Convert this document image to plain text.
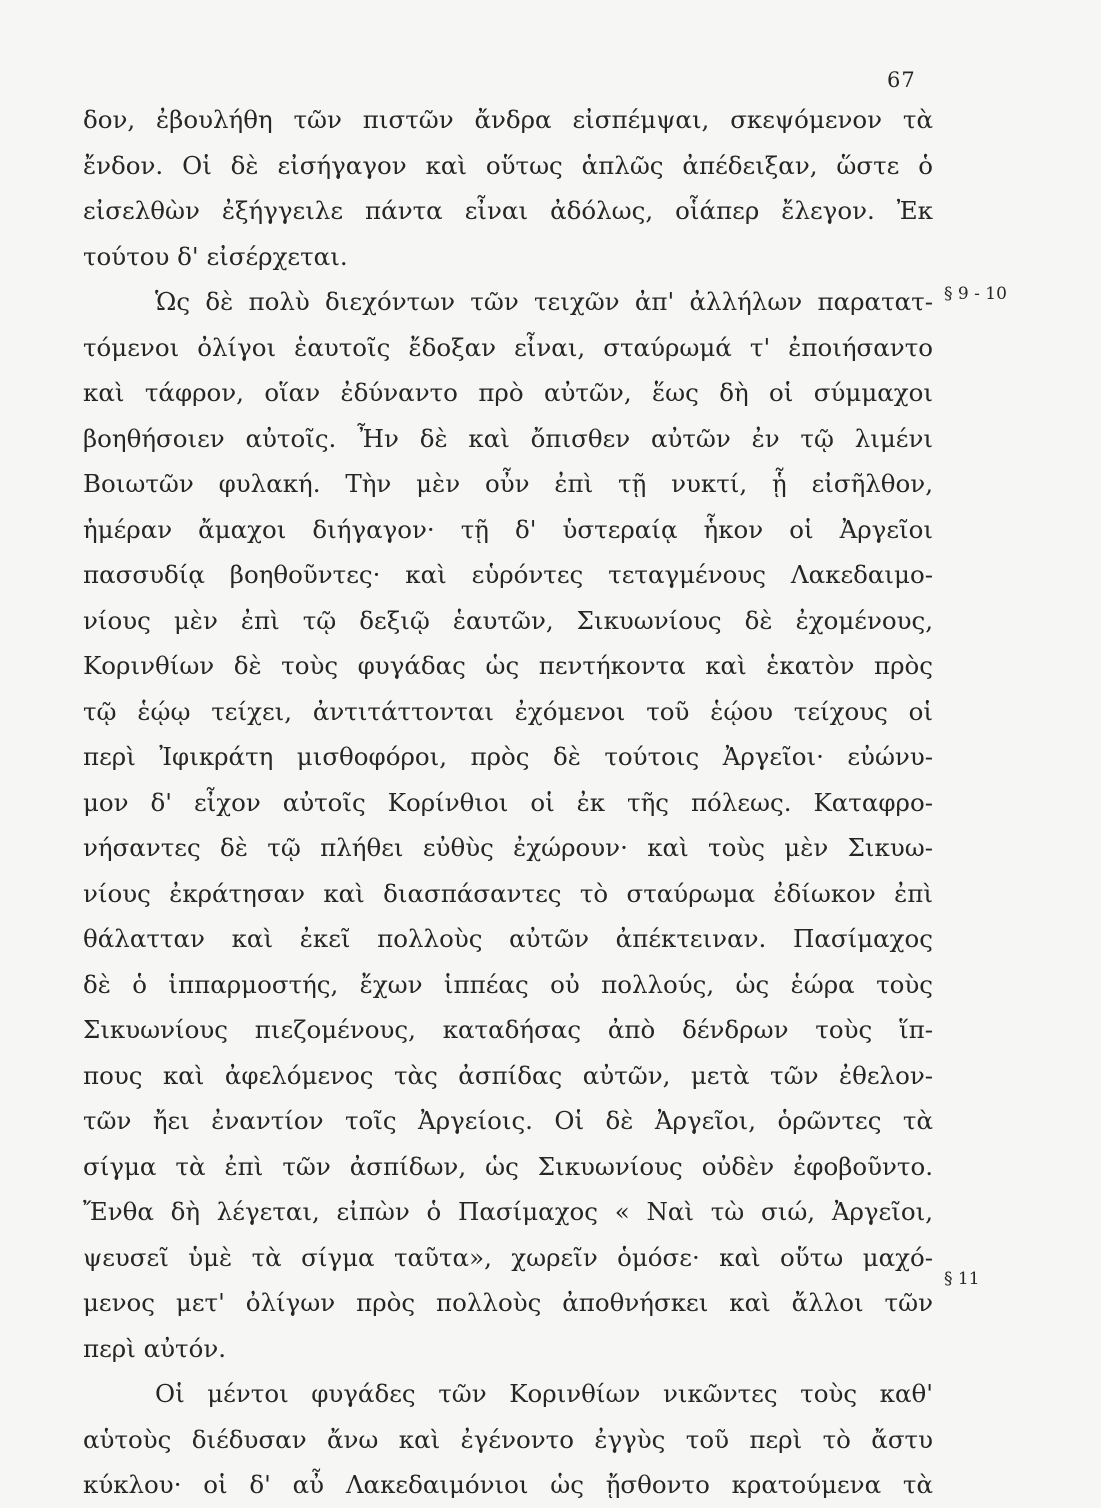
67
δον, ἐβουλήθη τῶν πιστῶν ἄνδρα εἰσπέμψαι, σκεψόμενον τὰ
ἔνδον. Οἱ δὲ εἰσήγαγον καὶ οὕτως ἁπλῶς ἀπέδειξαν, ὥστε ὁ
εἰσελθὼν ἐξήγγειλε πάντα εἶναι ἀδόλως, οἷάπερ ἔλεγον. Ἐκ
τούτου δ' εἰσέρχεται.
Ὡς δὲ πολὺ διεχόντων τῶν τειχῶν ἀπ' ἀλλήλων παρατατ-
τόμενοι ὀλίγοι ἑαυτοῖς ἔδοξαν εἶναι, σταύρωμά τ' ἐποιήσαντο
καὶ τάφρον, οἵαν ἐδύναντο πρὸ αὐτῶν, ἕως δὴ οἱ σύμμαχοι
βοηθήσοιεν αὐτοῖς. Ἦν δὲ καὶ ὄπισθεν αὐτῶν ἐν τῷ λιμένι
Βοιωτῶν φυλακή. Τὴν μὲν οὖν ἐπὶ τῇ νυκτί, ᾗ εἰσῆλθον,
ἡμέραν ἄμαχοι διήγαγον· τῇ δ' ὑστεραίᾳ ἧκον οἱ Ἀργεῖοι
πασσυδίᾳ βοηθοῦντες· καὶ εὑρόντες τεταγμένους Λακεδαιμο-
νίους μὲν ἐπὶ τῷ δεξιῷ ἑαυτῶν, Σικυωνίους δὲ ἐχομένους,
Κορινθίων δὲ τοὺς φυγάδας ὡς πεντήκοντα καὶ ἑκατὸν πρὸς
τῷ ἑῴῳ τείχει, ἀντιτάττονται ἐχόμενοι τοῦ ἑῴου τείχους οἱ
περὶ Ἰφικράτη μισθοφόροι, πρὸς δὲ τούτοις Ἀργεῖοι· εὐώνυ-
μον δ' εἶχον αὐτοῖς Κορίνθιοι οἱ ἐκ τῆς πόλεως. Καταφρο-
νήσαντες δὲ τῷ πλήθει εὐθὺς ἐχώρουν· καὶ τοὺς μὲν Σικυω-
νίους ἐκράτησαν καὶ διασπάσαντες τὸ σταύρωμα ἐδίωκον ἐπὶ
θάλατταν καὶ ἐκεῖ πολλοὺς αὐτῶν ἀπέκτειναν. Πασίμαχος
δὲ ὁ ἱππαρμοστής, ἔχων ἱππέας οὐ πολλούς, ὡς ἑώρα τοὺς
Σικυωνίους πιεζομένους, καταδήσας ἀπὸ δένδρων τοὺς ἵπ-
πους καὶ ἀφελόμενος τὰς ἀσπίδας αὐτῶν, μετὰ τῶν ἐθελον-
τῶν ἤει ἐναντίον τοῖς Ἀργείοις. Οἱ δὲ Ἀργεῖοι, ὁρῶντες τὰ
σίγμα τὰ ἐπὶ τῶν ἀσπίδων, ὡς Σικυωνίους οὐδὲν ἐφοβοῦντο.
Ἔνθα δὴ λέγεται, εἰπὼν ὁ Πασίμαχος « Ναὶ τὼ σιώ, Ἀργεῖοι,
ψευσεῖ ὑμὲ τὰ σίγμα ταῦτα», χωρεῖν ὁμόσε· καὶ οὕτω μαχό-
μενος μετ' ὀλίγων πρὸς πολλοὺς ἀποθνήσκει καὶ ἄλλοι τῶν
περὶ αὐτόν.
Οἱ μέντοι φυγάδες τῶν Κορινθίων νικῶντες τοὺς καθ'
αὑτοὺς διέδυσαν ἄνω καὶ ἐγένοντο ἐγγὺς τοῦ περὶ τὸ ἄστυ
κύκλου· οἱ δ' αὖ Λακεδαιμόνιοι ὡς ᾔσθοντο κρατούμενα τὰ
§ 9 - 10
§ 11
